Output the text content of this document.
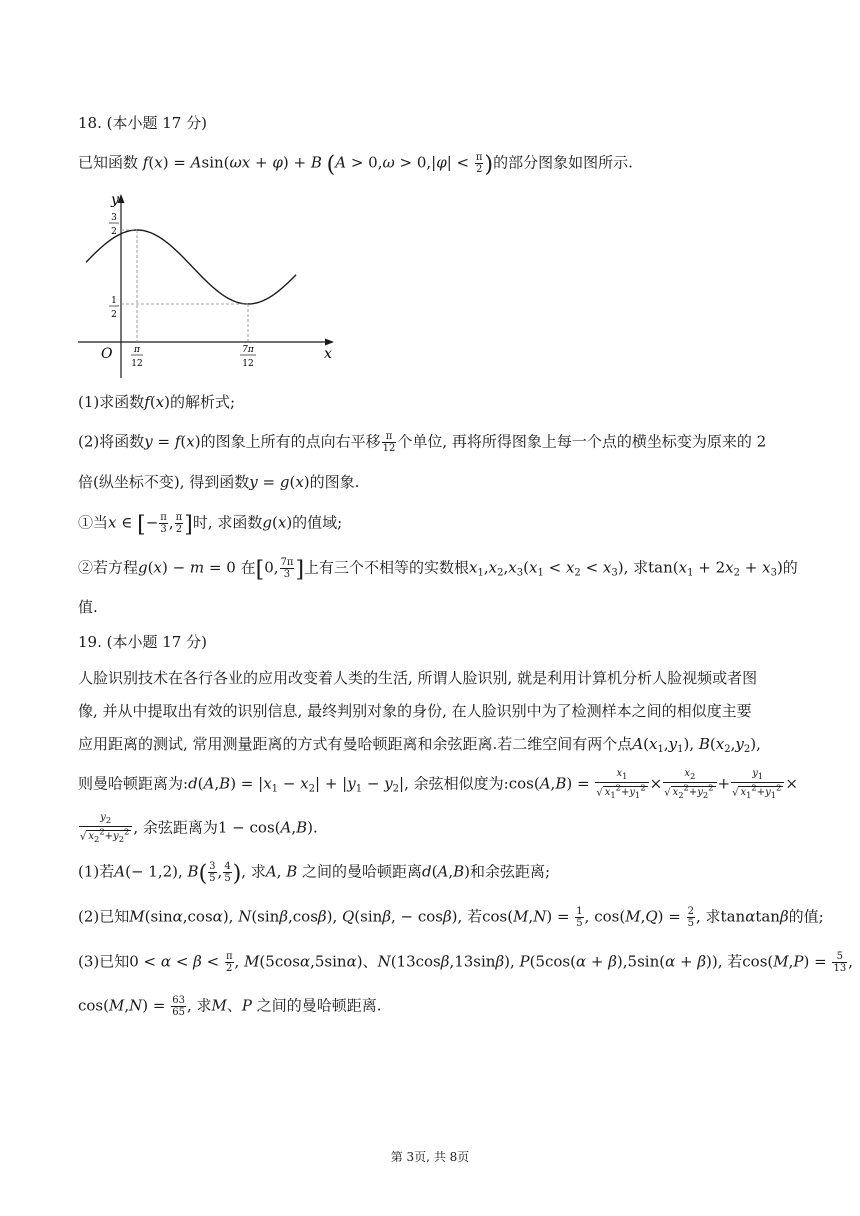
18. (本小题 17 分)
已知函数 f(x) = Asin(ωx + φ) + B ($A > 0,\omega > 0,|\varphi| < \frac{\pi}{2}$ )的部分图象如图所示.
y
x
O
3
2
1
2
π
12
7π
12
(1)求函数f(x)的解析式;
(2)将函数y = f(x)的图象上所有的点向右平移 $\frac{\pi}{12}$ 个单位, 再将所得图象上每一个点的横坐标变为原来的 2
倍(纵坐标不变), 得到函数y = g(x)的图象.
①当x ∈ [− $\frac{\pi}{3}$ , $\frac{\pi}{2}$ ]时, 求函数g(x)的值域;
②若方程g(x) − m = 0 在[0, $\frac{7\pi}{3}$ ]上有三个不相等的实数根$x_1,x_2,x_3(x_1 < x_2 < x_3)$, 求$\tan(x_1 + 2x_2 + x_3)$的
值.
19. (本小题 17 分)
人脸识别技术在各行各业的应用改变着人类的生活, 所谓人脸识别, 就是利用计算机分析人脸视频或者图
像, 并从中提取出有效的识别信息, 最终判别对象的身份, 在人脸识别中为了检测样本之间的相似度主要
应用距离的测试, 常用测量距离的方式有曼哈顿距离和余弦距离.若二维空间有两个点$A(x_1,y_1)$, $B(x_2,y_2)$,
则曼哈顿距离为:d(A,B) = $|x_1 - x_2| + |y_1 - y_2|$, 余弦相似度为:cos(A,B) = $\frac{x_1}{√ x_1^2+y_1^2} \times \frac{x_2}{√ x_2^2+y_2^2} + \frac{y_1}{√ x_1^2+y_1^2}$ ×
$\frac{y_2}{√ x_2^2+y_2^2}$ , 余弦距离为1 − cos(A,B).
(1)若A(− 1,2), $B( \frac{3}{5}$ , $\frac{4}{5}$ ), 求A, B 之间的曼哈顿距离d(A,B)和余弦距离;
(2)已知M(sinα,cosα), N(sinβ,cosβ), Q(sinβ, − cosβ), 若$\cos(M,N) = \frac{1}{5}$ , $\cos(M,Q) = \frac{2}{5}$ , 求tanαtanβ的值;
(3)已知$0 < \alpha < \beta < \frac{\pi}{2}$ , M(5cosα,5sinα)、N(13cosβ,13sinβ), P(5cos(α + β),5sin(α + β)), 若$\cos(M,P) = \frac{5}{13}$ ,
$\cos(M,N) = \frac{63}{65}$ , 求M、P 之间的曼哈顿距离.
第 3页, 共 8页
